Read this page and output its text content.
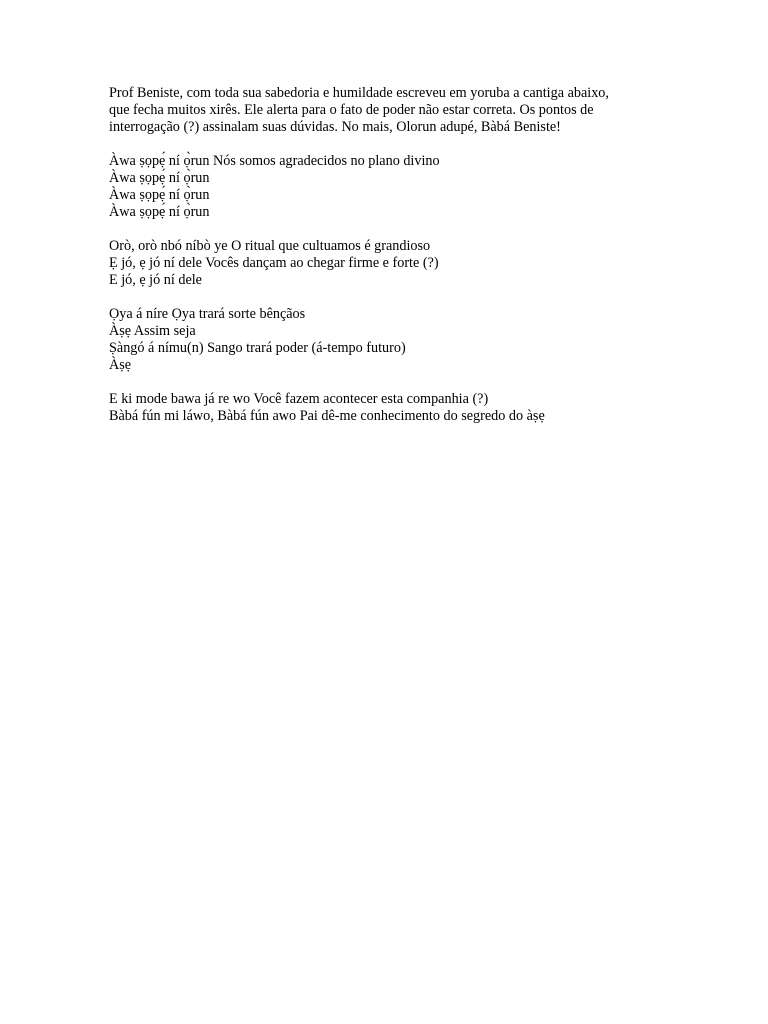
Prof Beniste, com toda sua sabedoria e humildade escreveu em yoruba a cantiga abaixo,
que fecha muitos xirês. Ele alerta para o fato de poder não estar correta. Os pontos de
interrogação (?) assinalam suas dúvidas. No mais, Olorun adupé, Bàbá Beniste!
Àwa ṣọpẹ́ ní ọ̀run Nós somos agradecidos no plano divino
Àwa ṣọpẹ́ ní ọ̀run
Àwa ṣọpẹ́ ní ọ̀run
Àwa ṣọpẹ́ ní ọ̀run
Orò, orò nbó níbò ye O ritual que cultuamos é grandioso
Ẹ jó, ẹ jó ní dele Vocês dançam ao chegar firme e forte (?)
E jó, ẹ jó ní dele
Ọya á níre Ọya trará sorte bênçãos
Àṣẹ Assim seja
Ṣàngó á nímu(n) Sango trará poder (á-tempo futuro)
Àṣẹ
E ki mode bawa já re wo Você fazem acontecer esta companhia (?)
Bàbá fún mi láwo, Bàbá fún awo Pai dê-me conhecimento do segredo do àṣẹ
